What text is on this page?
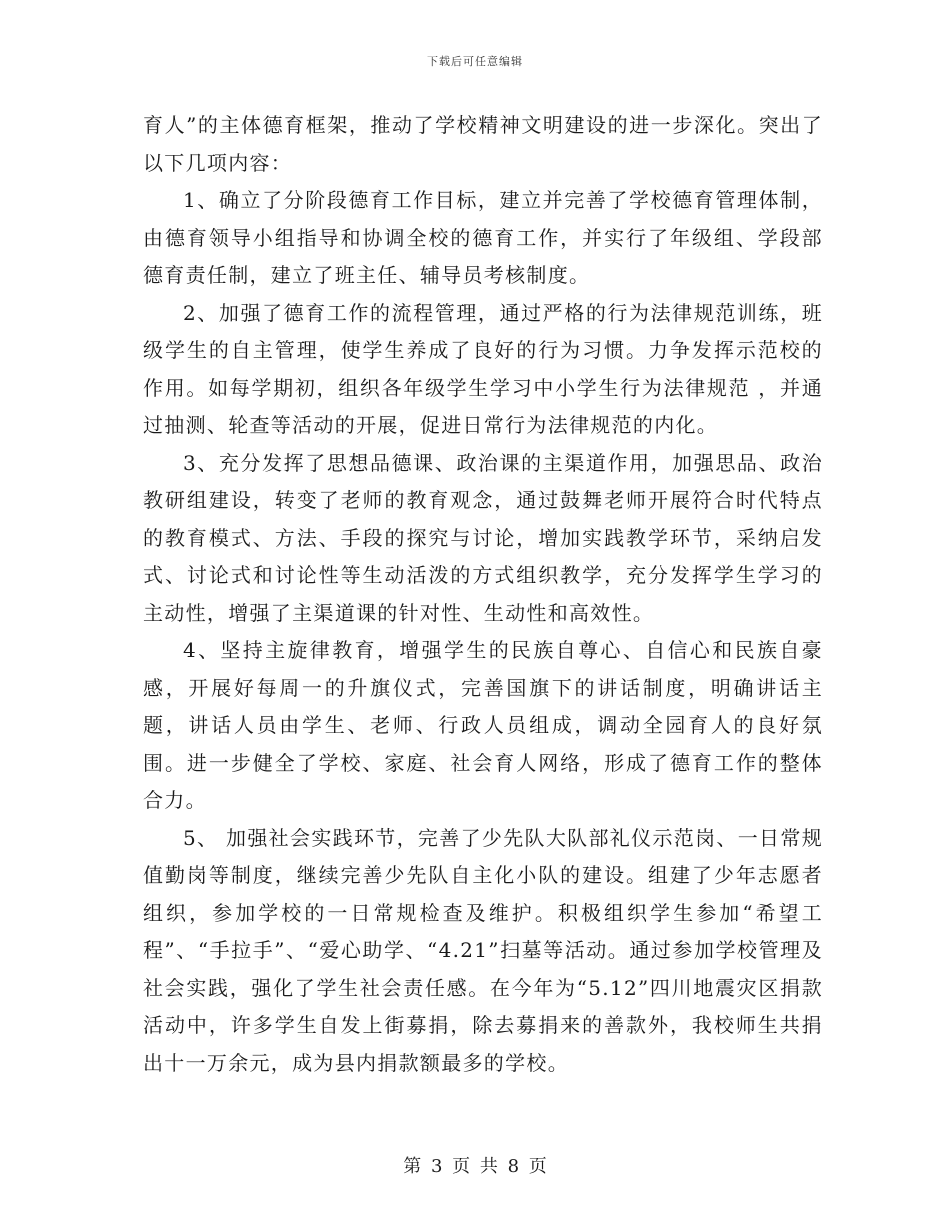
下载后可任意编辑

育人”的主体德育框架，推动了学校精神文明建设的进一步深化。突出了以下几项内容：

1、确立了分阶段德育工作目标，建立并完善了学校德育管理体制，由德育领导小组指导和协调全校的德育工作，并实行了年级组、学段部德育责任制，建立了班主任、辅导员考核制度。

2、加强了德育工作的流程管理，通过严格的行为法律规范训练，班级学生的自主管理，使学生养成了良好的行为习惯。力争发挥示范校的作用。如每学期初，组织各年级学生学习中小学生行为法律规范 ，并通过抽测、轮查等活动的开展，促进日常行为法律规范的内化。

3、充分发挥了思想品德课、政治课的主渠道作用，加强思品、政治教研组建设，转变了老师的教育观念，通过鼓舞老师开展符合时代特点的教育模式、方法、手段的探究与讨论，增加实践教学环节，采纳启发式、讨论式和讨论性等生动活泼的方式组织教学，充分发挥学生学习的主动性，增强了主渠道课的针对性、生动性和高效性。

4、坚持主旋律教育，增强学生的民族自尊心、自信心和民族自豪感，开展好每周一的升旗仪式，完善国旗下的讲话制度，明确讲话主题，讲话人员由学生、老师、行政人员组成，调动全园育人的良好氛围。进一步健全了学校、家庭、社会育人网络，形成了德育工作的整体合力。

5、 加强社会实践环节，完善了少先队大队部礼仪示范岗、一日常规值勤岗等制度，继续完善少先队自主化小队的建设。组建了少年志愿者组织，参加学校的一日常规检查及维护。积极组织学生参加“希望工程”、“手拉手”、“爱心助学、“4.21”扫墓等活动。通过参加学校管理及社会实践，强化了学生社会责任感。在今年为“5.12”四川地震灾区捐款活动中，许多学生自发上街募捐，除去募捐来的善款外，我校师生共捐出十一万余元，成为县内捐款额最多的学校。

第 3 页 共 8 页
